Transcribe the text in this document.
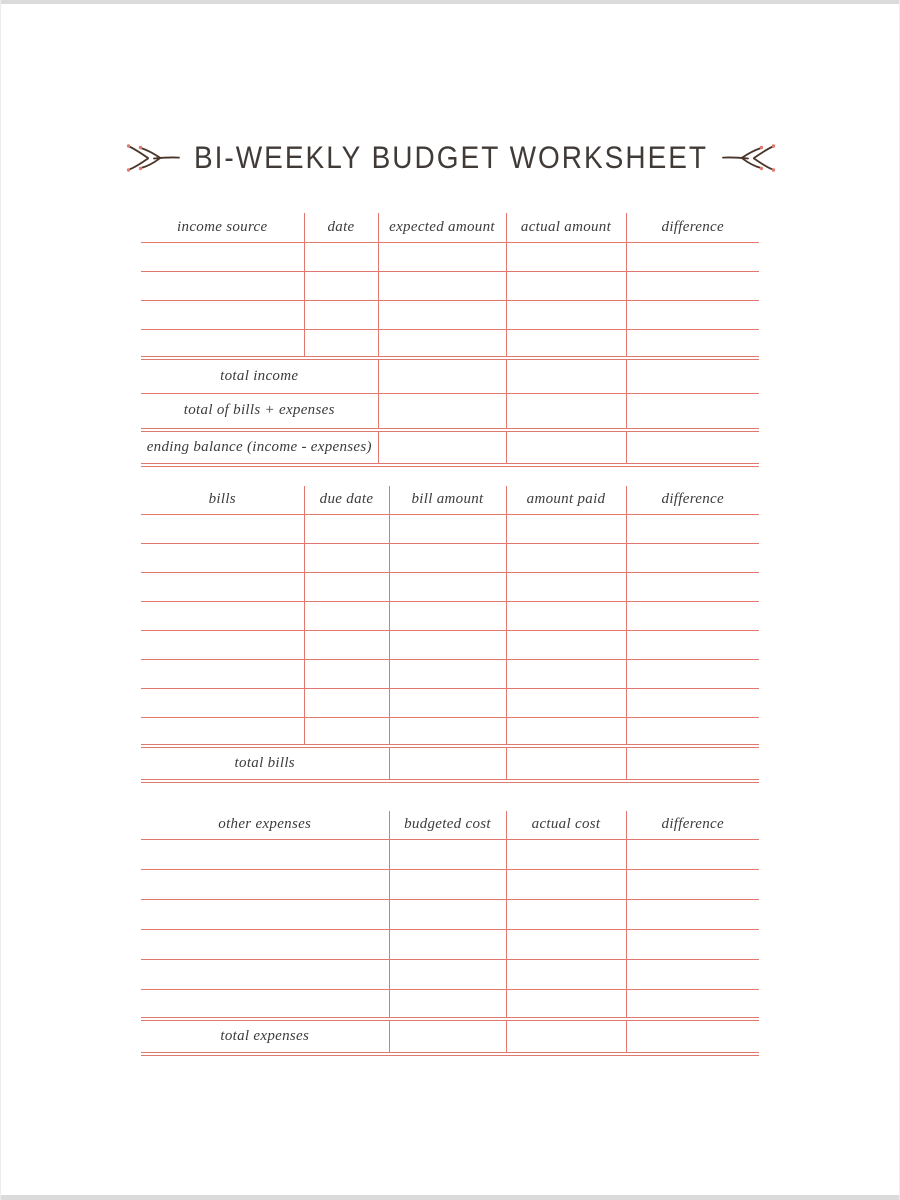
BI-WEEKLY BUDGET WORKSHEET
income source	date	expected amount	actual amount	difference

total income				
total of bills + expenses				
ending balance (income - expenses)				
bills	due date	bill amount	amount paid	difference

total bills				
other expenses	budgeted cost	actual cost	difference

total expenses			
